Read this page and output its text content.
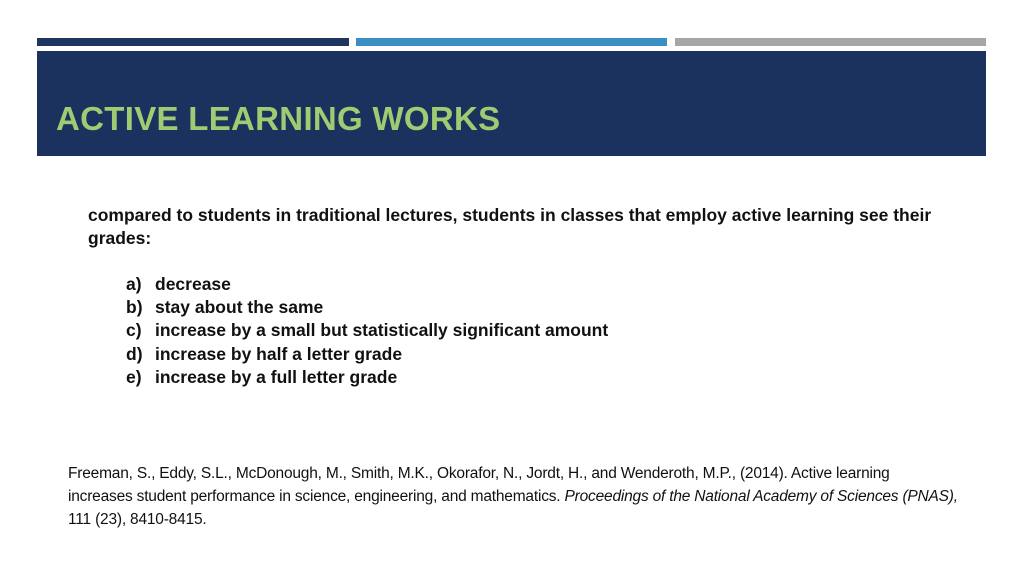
ACTIVE LEARNING WORKS

compared to students in traditional lectures, students in classes that employ active learning see their grades:

a) decrease
b) stay about the same
c) increase by a small but statistically significant amount
d) increase by half a letter grade
e) increase by a full letter grade

Freeman, S., Eddy, S.L., McDonough, M., Smith, M.K., Okorafor, N., Jordt, H., and Wenderoth, M.P., (2014). Active learning increases student performance in science, engineering, and mathematics. Proceedings of the National Academy of Sciences (PNAS), 111 (23), 8410-8415.
